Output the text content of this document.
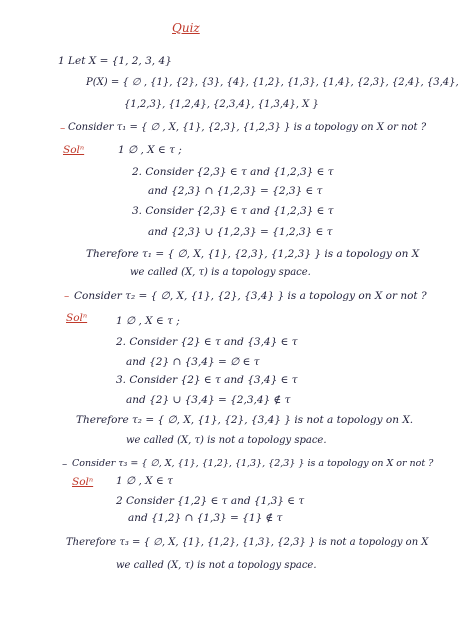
Quiz
1 Let X = {1, 2, 3, 4}
P(X) = { ∅ , {1}, {2}, {3}, {4}, {1,2}, {1,3}, {1,4}, {2,3}, {2,4}, {3,4},
{1,2,3}, {1,2,4}, {2,3,4}, {1,3,4}, X }
– Consider τ₁ = { ∅ , X, {1}, {2,3}, {1,2,3} } is a topology on X or not ?
Solⁿ	1 ∅ , X ∈ τ ;
2. Consider {2,3} ∈ τ and {1,2,3} ∈ τ
and {2,3} ∩ {1,2,3} = {2,3} ∈ τ
3. Consider {2,3} ∈ τ and {1,2,3} ∈ τ
and {2,3} ∪ {1,2,3} = {1,2,3} ∈ τ
Therefore τ₁ = { ∅, X, {1}, {2,3}, {1,2,3} } is a topology on X
we called (X, τ) is a topology space.
– Consider τ₂ = { ∅, X, {1}, {2}, {3,4} } is a topology on X or not ?
Solⁿ	1 ∅ , X ∈ τ ;
2. Consider {2} ∈ τ and {3,4} ∈ τ
and {2} ∩ {3,4} = ∅ ∈ τ
3. Consider {2} ∈ τ and {3,4} ∈ τ
and {2} ∪ {3,4} = {2,3,4} ∉ τ
Therefore τ₂ = { ∅, X, {1}, {2}, {3,4} } is not a topology on X.
we called (X, τ) is not a topology space.
– Consider τ₃ = { ∅, X, {1}, {1,2}, {1,3}, {2,3} } is a topology on X or not ?
Solⁿ 1 ∅ , X ∈ τ
2 Consider {1,2} ∈ τ and {1,3} ∈ τ
and {1,2} ∩ {1,3} = {1} ∉ τ
Therefore τ₃ = { ∅, X, {1}, {1,2}, {1,3}, {2,3} } is not a topology on X
we called (X, τ) is not a topology space.
